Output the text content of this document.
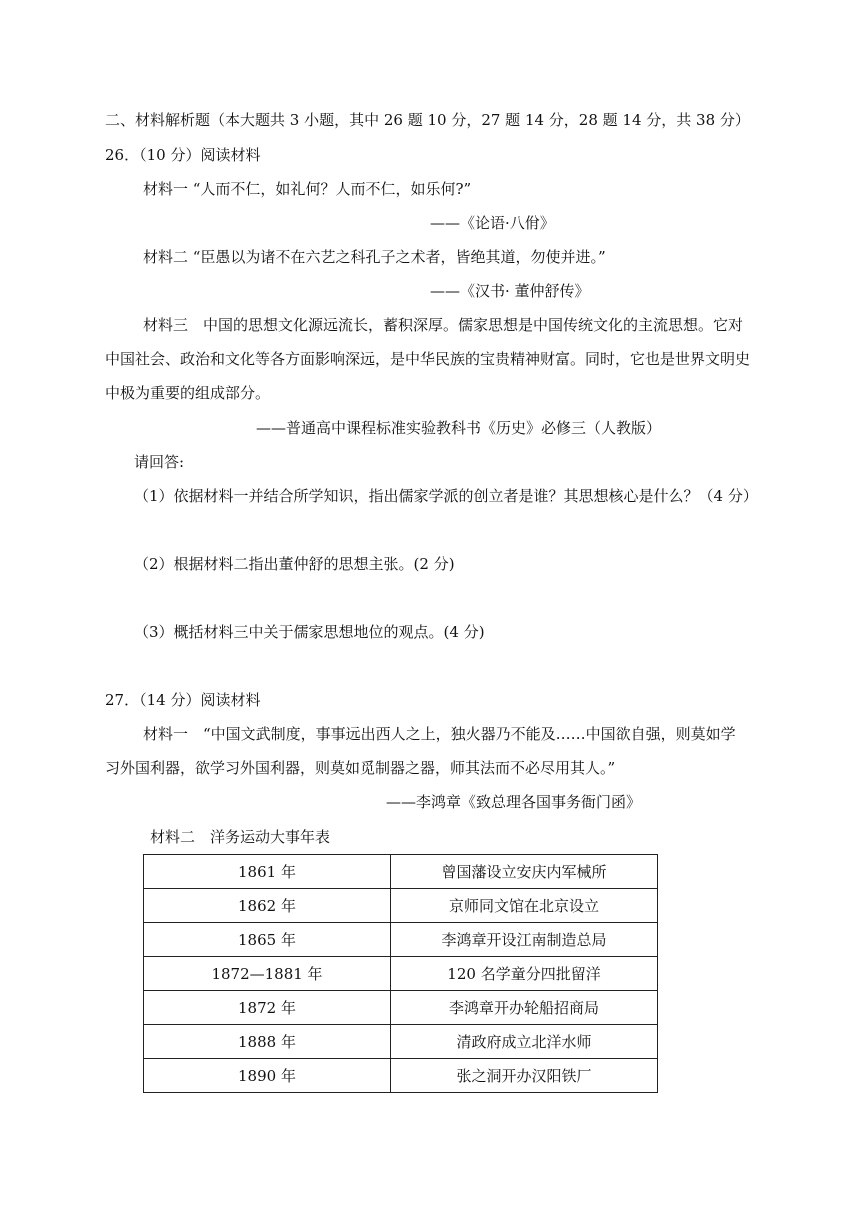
二、材料解析题（本大题共 3 小题，其中 26 题 10 分，27 题 14 分，28 题 14 分，共 38 分）
26．（10 分）阅读材料
材料一 “人而不仁，如礼何？人而不仁，如乐何?”
——《论语·八佾》
材料二 “臣愚以为诸不在六艺之科孔子之术者，皆绝其道，勿使并进。”
——《汉书· 董仲舒传》
材料三　中国的思想文化源远流长，蓄积深厚。儒家思想是中国传统文化的主流思想。它对
中国社会、政治和文化等各方面影响深远，是中华民族的宝贵精神财富。同时，它也是世界文明史
中极为重要的组成部分。
——普通高中课程标准实验教科书《历史》必修三（人教版）
请回答:
（1）依据材料一并结合所学知识，指出儒家学派的创立者是谁？其思想核心是什么？（4 分）
（2）根据材料二指出董仲舒的思想主张。(2 分)
（3）概括材料三中关于儒家思想地位的观点。(4 分)
27．（14 分）阅读材料
材料一　“中国文武制度，事事远出西人之上，独火器乃不能及……中国欲自强，则莫如学
习外国利器，欲学习外国利器，则莫如觅制器之器，师其法而不必尽用其人。”
——李鸿章《致总理各国事务衙门函》
材料二　洋务运动大事年表
1861 年	曾国藩设立安庆内军械所
1862 年	京师同文馆在北京设立
1865 年	李鸿章开设江南制造总局
1872—1881 年	120 名学童分四批留洋
1872 年	李鸿章开办轮船招商局
1888 年	清政府成立北洋水师
1890 年	张之洞开办汉阳铁厂
